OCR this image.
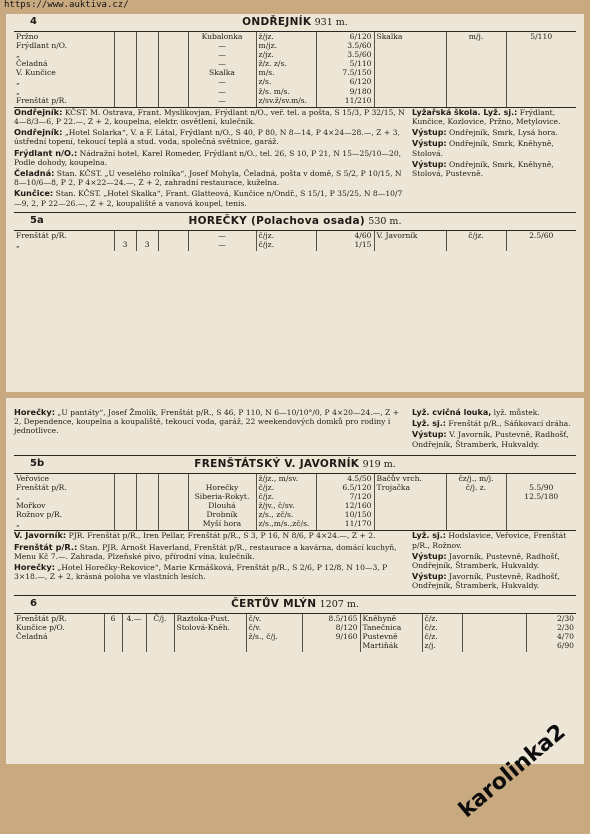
https://www.auktiva.cz/
4	ONDŘEJNÍK 931 m.
Pržno				Kubalonka	ž/jz.	6/120	Skalka	m/j.	5/110
Frýdlant n/O.				—	m/jz.	3.5/60			
„				—	z/jz.	3.5/60			
Čeladná				—	ž/z. z/s.	5/110			
V. Kunčice				Skalka	m/s.	7.5/150			
„				—	z/s.	6/120			
„				—	ž/s. m/s.	9/180			
Frenštát p/R.				—	z/sv.ž/sv.m/s.	11/210			

Ondřejník: KČST. M. Ostrava, Frant. Myslikovjan, Frýdlant n/O., veř. tel. a pošta, S 15/3, P 32/15, N 4—8/3—6, P 22.—, Z + 2, koupelna, elektr. osvětlení, kulečník.

Ondřejník: „Hotel Solarka“, V. a F. Látal, Frýdlant n/O., S 40, P 80, N 8—14, P 4×24—28.—, Z + 3, ústřední topení, tekoucí teplá a stud. voda, společná světnice, garáž.

Frýdlant n/O.: Nádražní hotel, Karel Romeder, Frýdlant n/O., tel. 26, S 10, P 21, N 15—25/10—20, Podle dohody, koupelna.

Čeladná: Stan. KČST. „U veselého rolníka“, Josef Mohyla, Čeladná, pošta v domě, S 5/2, P 10/15, N 8—10/6—8, P 2, P 4×22—24.—, Z + 2, zahradní restaurace, kuželna.

Kunčice: Stan. KČST. „Hotel Skalka“, Frant. Glatteová, Kunčice n/Ondř., S 15/1, P 35/25, N 8—10/7—9, 2, P 22—26.—, Z + 2, koupaliště a vanová koupel, tenis.

Lyžařská škola. Lyž. sj.: Frýdlant, Kunčice, Kozlovice, Pržno, Metylovice.

Výstup: Ondřejník, Smrk, Lysá hora.

Výstup: Ondřejník, Smrk, Kněhyně, Stolová.

Výstup: Ondřejník, Smrk, Kněhyně, Stolová, Pustevně.

5a	HOREČKY (Polachova osada) 530 m.
Frenštát p/R.				—	č/jz.	4/60	V. Javorník	č/jz.	2.5/60
„	3	3		—	č/jz.	1/15			

Horečky: „U pantáty“, Josef Žmolík, Frenštát p/R., S 46, P 110, N 6—10/10°/0, P 4×20—24.—, Z + 2, Dependence, koupelna a koupaliště, tekoucí voda, garáž, 22 weekendových domků pro rodiny i jednotlivce.

Lyž. cvičná louka, lyž. můstek.

Lyž. sj.: Frenštát p/R., Sáňkovací dráha.

Výstup: V. Javorník, Pustevně, Radhošť, Ondřejník, Štramberk, Hukvaldy.

5b	FRENŠTÁTSKÝ V. JAVORNÍK 919 m.
Veřovice					ž/jz., m/sv.	4.5/50	Bačův vrch.	čz/j., m/j.	
Frenštát p/R.				Horečky	č/jz.	6.5/120	Trojačka	č/j. z.	5.5/90
„				Siberia-Rokyt.	č/jz.	7/120			12.5/180
Mořkov				Dlouhá	ž/jv., č/sv.	12/160			
Rožnov p/R.				Drobník	z/s., zč/s.	10/150			
„				Myší hora	z/s.,m/s.,zč/s.	11/170			

V. Javorník: PJR. Frenštát p/R., Iren Pellar, Frenštát p/R., S 3, P 16, N 8/6, P 4×24.—, Z + 2.

Frenštát p/R.: Stan. PJR. Arnošt Haverland, Frenštát p/R., restaurace a kavárna, domácí kuchyň, Menu Kč 7.—. Zahrada, Plzeňské pivo, přírodní vína, kulečník.

Horečky: „Hotel Horečky-Rekovice“, Marie Krmášková, Frenštát p/R., S 2/6, P 12/8, N 10—3, P 3×18.—, Z + 2, krásná poloha ve vlastních lesích.

Lyž. sj.: Hodslavice, Veřovice, Frenštát p/R., Rožnov.

Výstup: Javorník, Pustevně, Radhošť, Ondřejník, Štramberk, Hukvaldy.

Výstup: Javorník, Pustevně, Radhošť, Ondřejník, Štramberk, Hukvaldy.

6	ČERTŮV MLÝN 1207 m.
Frenštát p/R.	6	4.—	Č/j.	Raztoka-Pust.	č/v.	8.5/165	Kněhyně	č/z.		2/30
Kunčice p/O.				Stolová-Kněh.	č/v.	8/120	Tanečnica	č/z.		2/30
Čeladná					ž/s., č/j.	9/160	Pustevně	č/z.		4/70
							Martiňák	z/j.		6/90
karolinka2
